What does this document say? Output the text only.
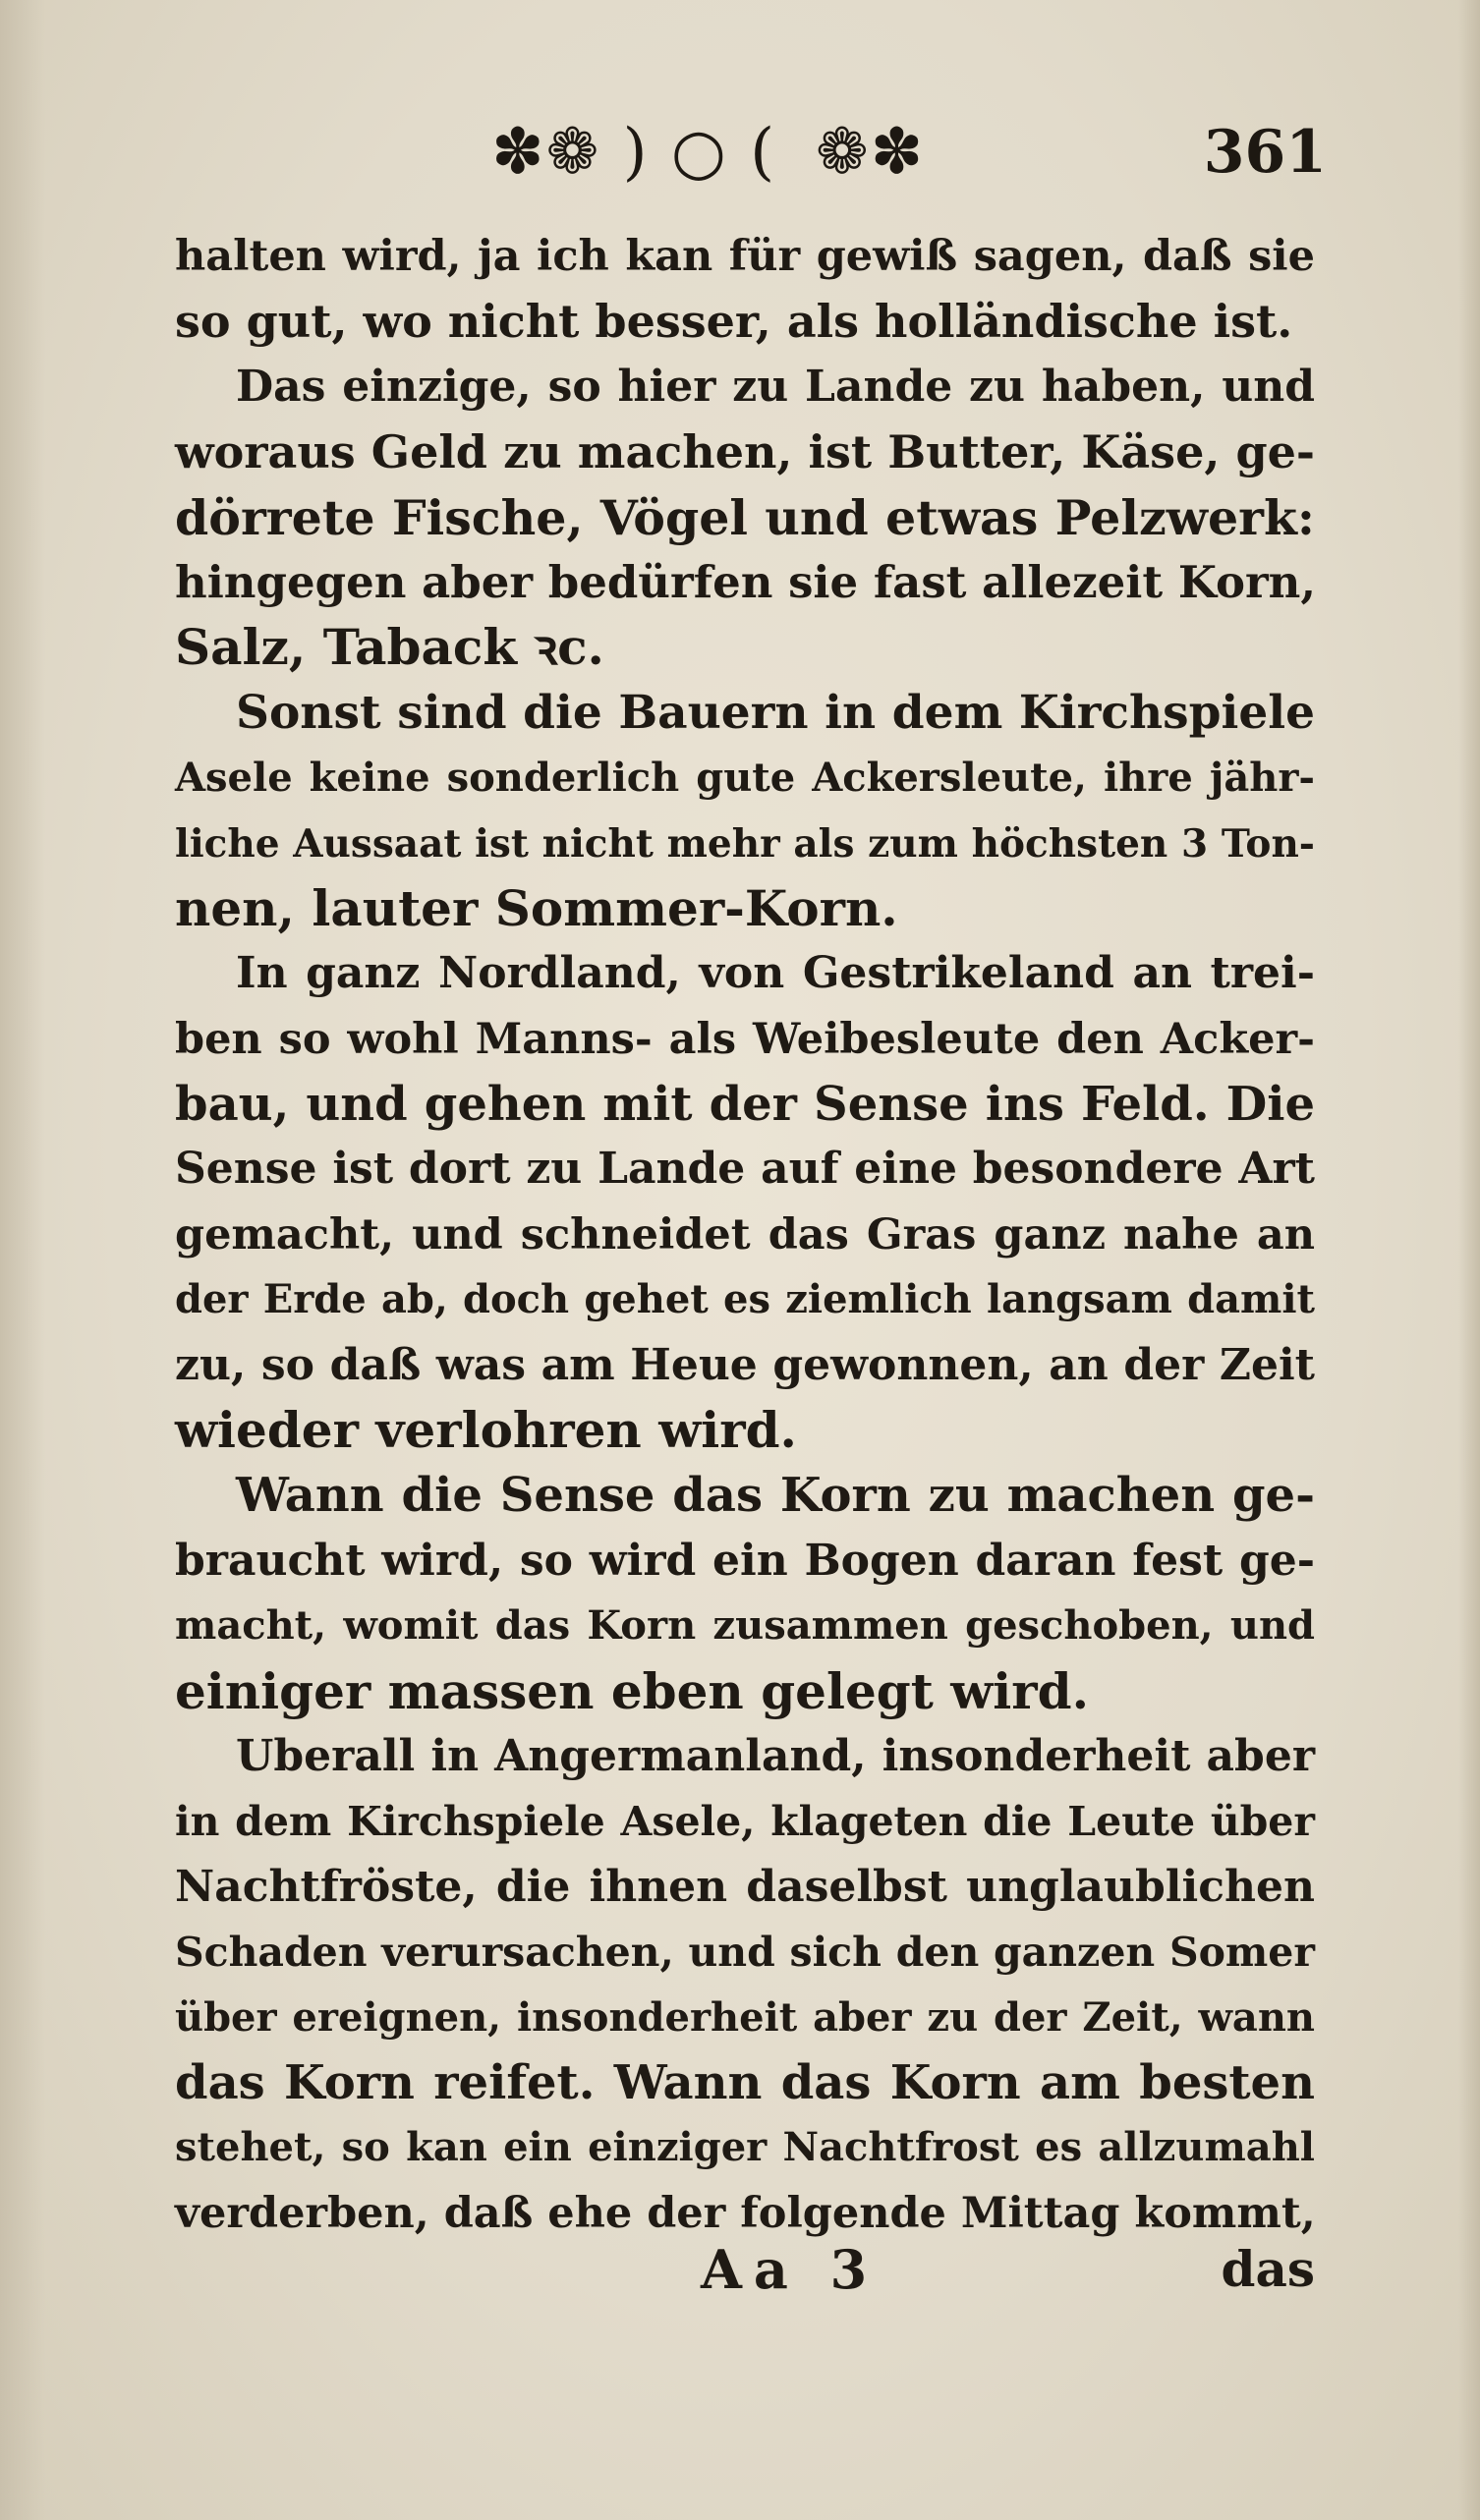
✽❁ ) ○ ( ❁✽	361
halten wird, ja ich kan für gewiß sagen, daß sie
so gut, wo nicht besser, als holländische ist.
Das einzige, so hier zu Lande zu haben, und
woraus Geld zu machen, ist Butter, Käse, ge-
dörrete Fische, Vögel und etwas Pelzwerk:
hingegen aber bedürfen sie fast allezeit Korn,
Salz, Taback ꝛc.
Sonst sind die Bauern in dem Kirchspiele
Asele keine sonderlich gute Ackersleute, ihre jähr-
liche Aussaat ist nicht mehr als zum höchsten 3 Ton-
nen, lauter Sommer-Korn.
In ganz Nordland, von Gestrikeland an trei-
ben so wohl Manns- als Weibesleute den Acker-
bau, und gehen mit der Sense ins Feld. Die
Sense ist dort zu Lande auf eine besondere Art
gemacht, und schneidet das Gras ganz nahe an
der Erde ab, doch gehet es ziemlich langsam damit
zu, so daß was am Heue gewonnen, an der Zeit
wieder verlohren wird.
Wann die Sense das Korn zu machen ge-
braucht wird, so wird ein Bogen daran fest ge-
macht, womit das Korn zusammen geschoben, und
einiger massen eben gelegt wird.
Uberall in Angermanland, insonderheit aber
in dem Kirchspiele Asele, klageten die Leute über
Nachtfröste, die ihnen daselbst unglaublichen
Schaden verursachen, und sich den ganzen Somer
über ereignen, insonderheit aber zu der Zeit, wann
das Korn reifet. Wann das Korn am besten
stehet, so kan ein einziger Nachtfrost es allzumahl
verderben, daß ehe der folgende Mittag kommt,
Aa 3	das
